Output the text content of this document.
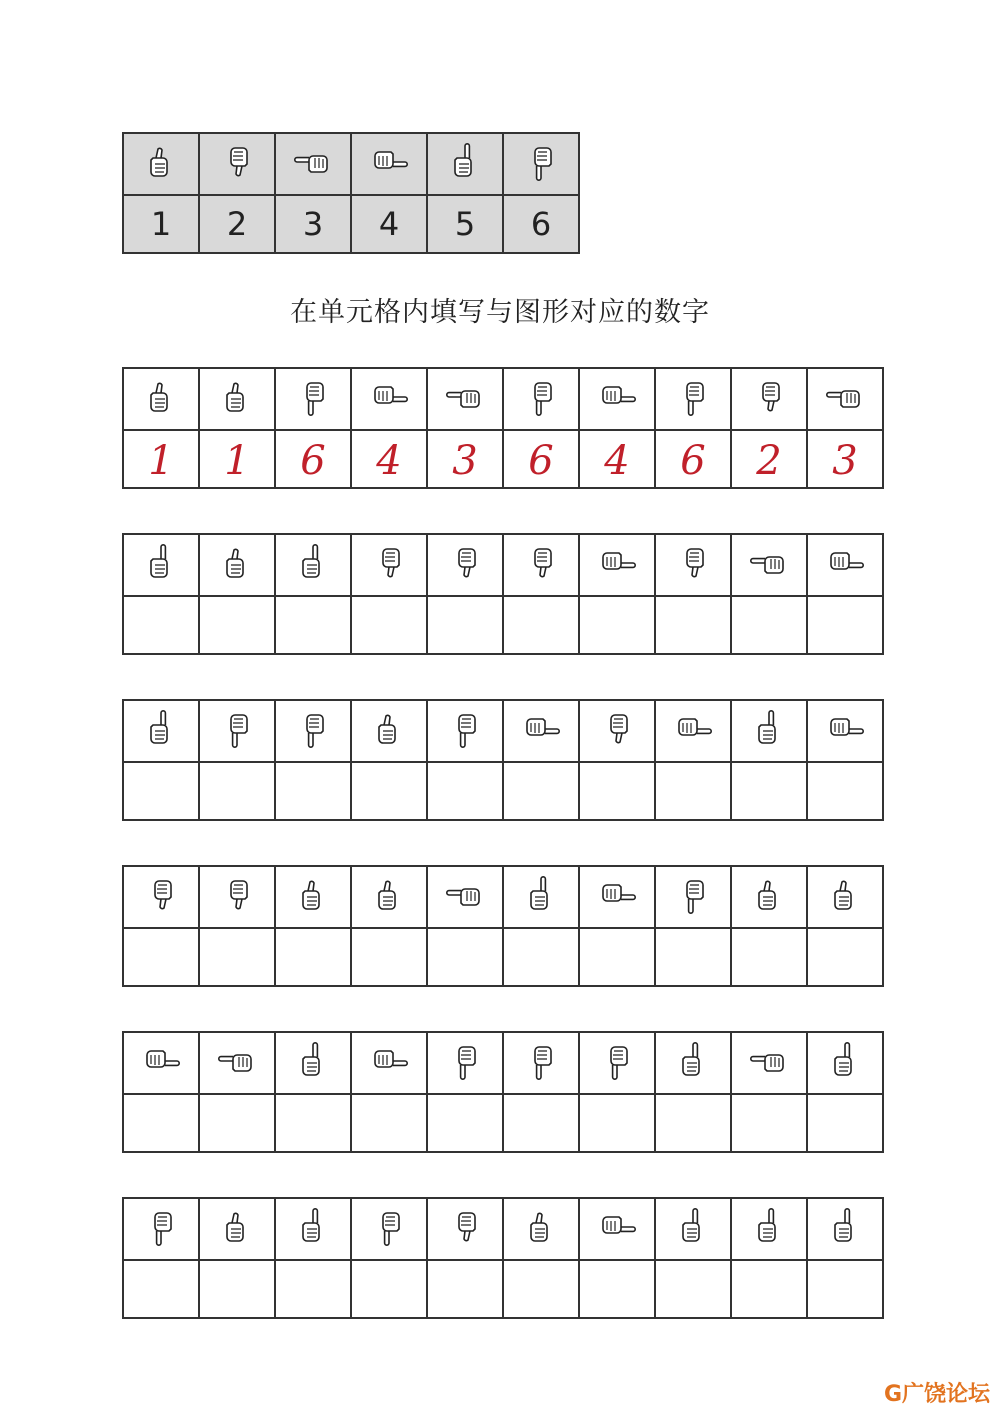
1	2	3	4	5	6
在单元格内填写与图形对应的数字

1	1	6	4	3	6	4	6	2	3

G广饶论坛
